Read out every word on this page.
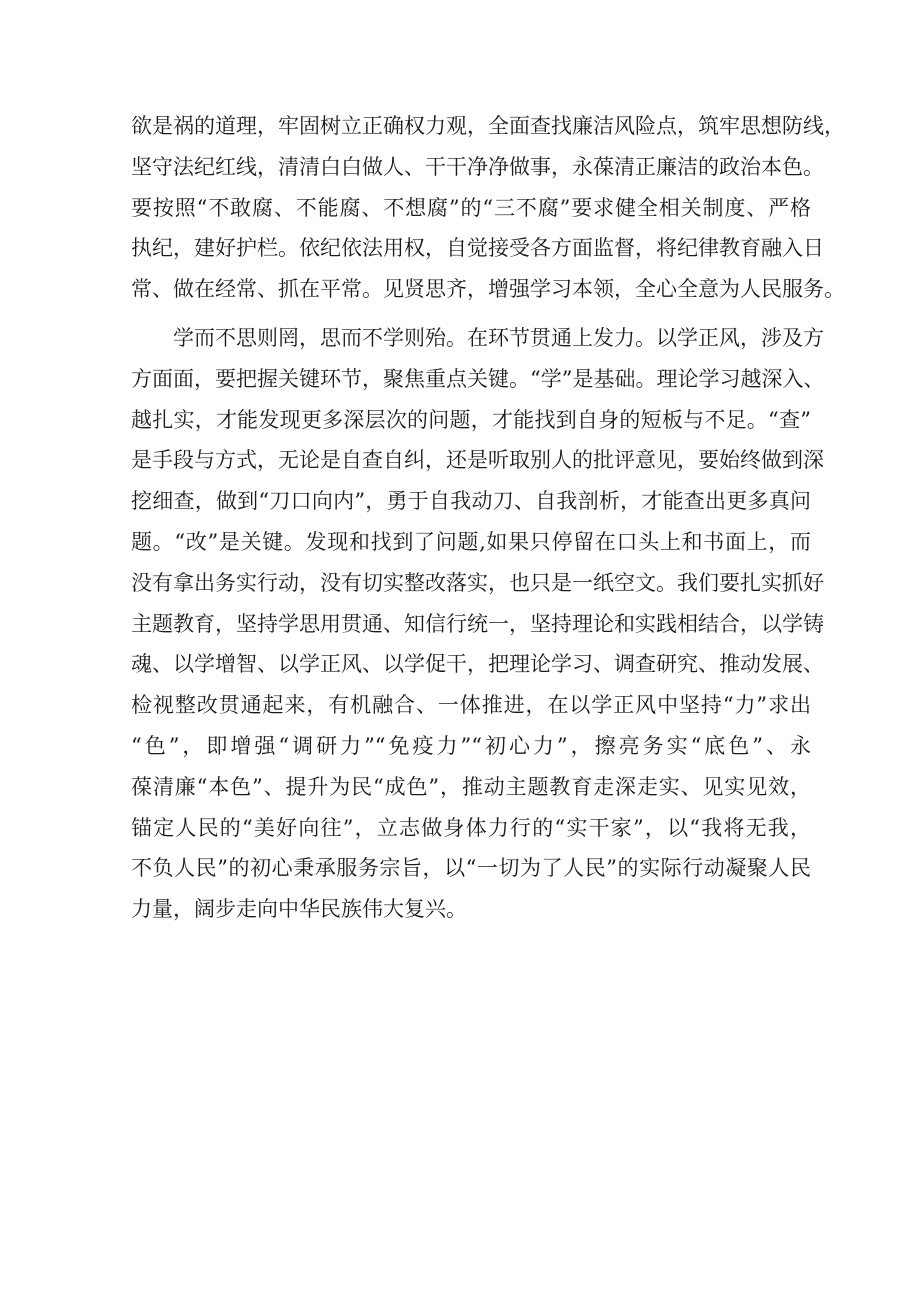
欲是祸的道理，牢固树立正确权力观，全面查找廉洁风险点，筑牢思想防线，
坚守法纪红线，清清白白做人、干干净净做事，永葆清正廉洁的政治本色。
要按照“不敢腐、不能腐、不想腐”的“三不腐”要求健全相关制度、严格
执纪，建好护栏。依纪依法用权，自觉接受各方面监督，将纪律教育融入日
常、做在经常、抓在平常。见贤思齐，增强学习本领，全心全意为人民服务。
学而不思则罔，思而不学则殆。在环节贯通上发力。以学正风，涉及方
方面面，要把握关键环节，聚焦重点关键。“学”是基础。理论学习越深入、
越扎实，才能发现更多深层次的问题，才能找到自身的短板与不足。“查”
是手段与方式，无论是自查自纠，还是听取别人的批评意见，要始终做到深
挖细查，做到“刀口向内”，勇于自我动刀、自我剖析，才能查出更多真问
题。“改”是关键。发现和找到了问题,如果只停留在口头上和书面上，而
没有拿出务实行动，没有切实整改落实，也只是一纸空文。我们要扎实抓好
主题教育，坚持学思用贯通、知信行统一，坚持理论和实践相结合，以学铸
魂、以学增智、以学正风、以学促干，把理论学习、调查研究、推动发展、
检视整改贯通起来，有机融合、一体推进，在以学正风中坚持“力”求出
“色”，即增强“调研力”“免疫力”“初心力”，擦亮务实“底色”、永
葆清廉“本色”、提升为民“成色”，推动主题教育走深走实、见实见效，
锚定人民的“美好向往”，立志做身体力行的“实干家”，以“我将无我，
不负人民”的初心秉承服务宗旨，以“一切为了人民”的实际行动凝聚人民
力量，阔步走向中华民族伟大复兴。
